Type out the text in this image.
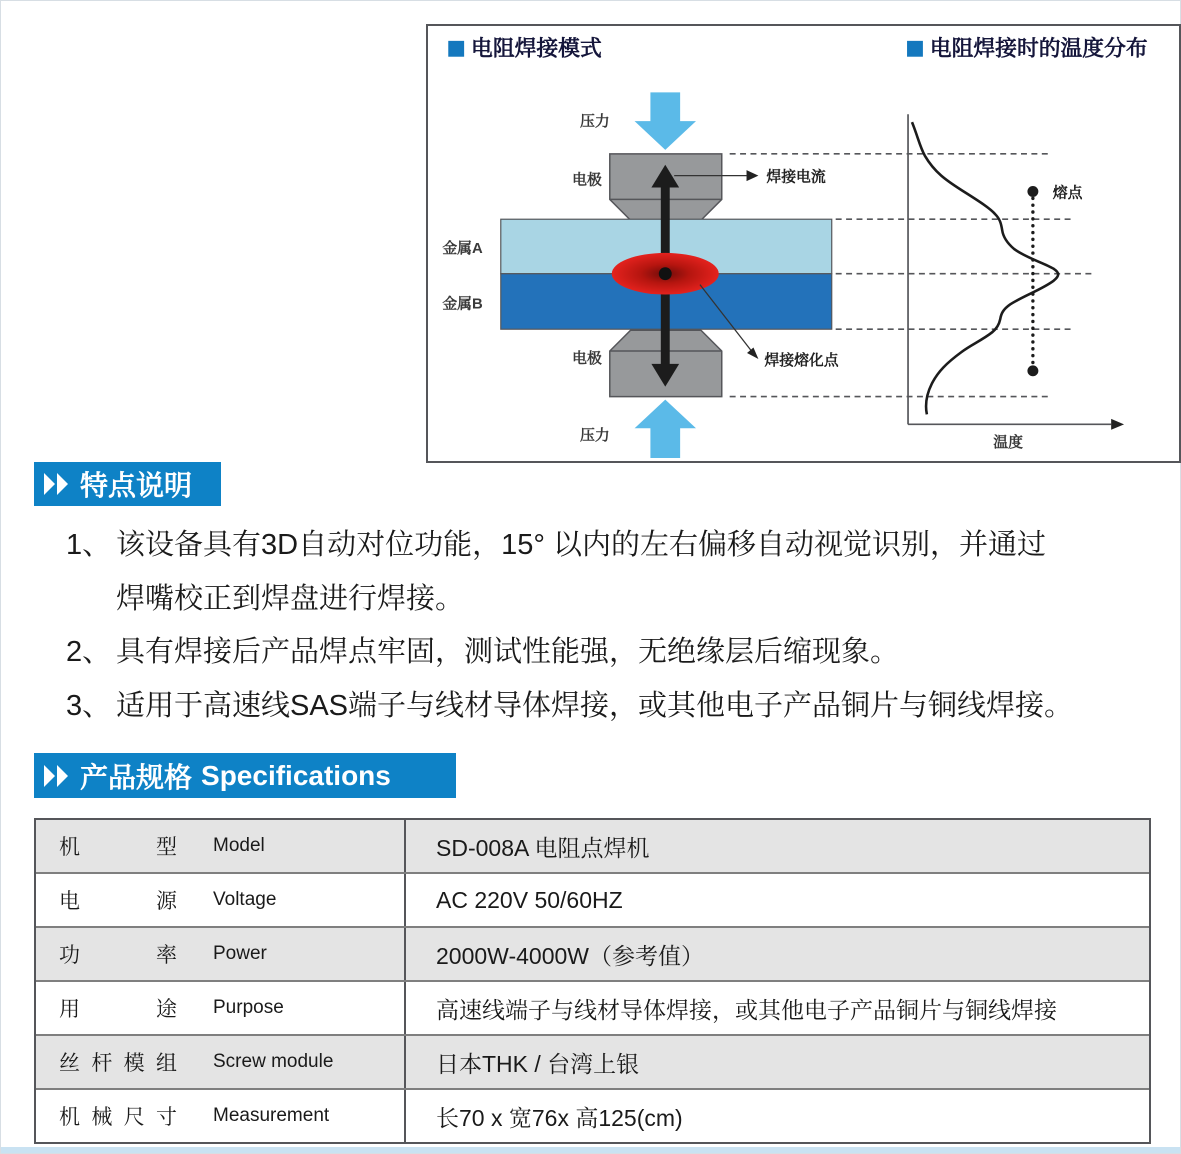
电阻焊接模式	电阻焊接时的温度分布
压力
压力
电极
电极
金属A
金属B
焊接电流
焊接熔化点
温度
熔点
特点说明
1、 该设备具有3D自动对位功能，15° 以内的左右偏移自动视觉识别，并通过
焊嘴校正到焊盘进行焊接。
2、 具有焊接后产品焊点牢固，测试性能强，无绝缘层后缩现象。
3、 适用于高速线SAS端子与线材导体焊接，或其他电子产品铜片与铜线焊接。
产品规格 Specifications
机型 Model	SD-008A 电阻点焊机
电源 Voltage	AC 220V 50/60HZ
功率 Power	2000W-4000W（参考值）
用途 Purpose	高速线端子与线材导体焊接，或其他电子产品铜片与铜线焊接
丝杆模组 Screw module	日本THK / 台湾上银
机械尺寸 Measurement	长70 x 宽76x 高125(cm)
